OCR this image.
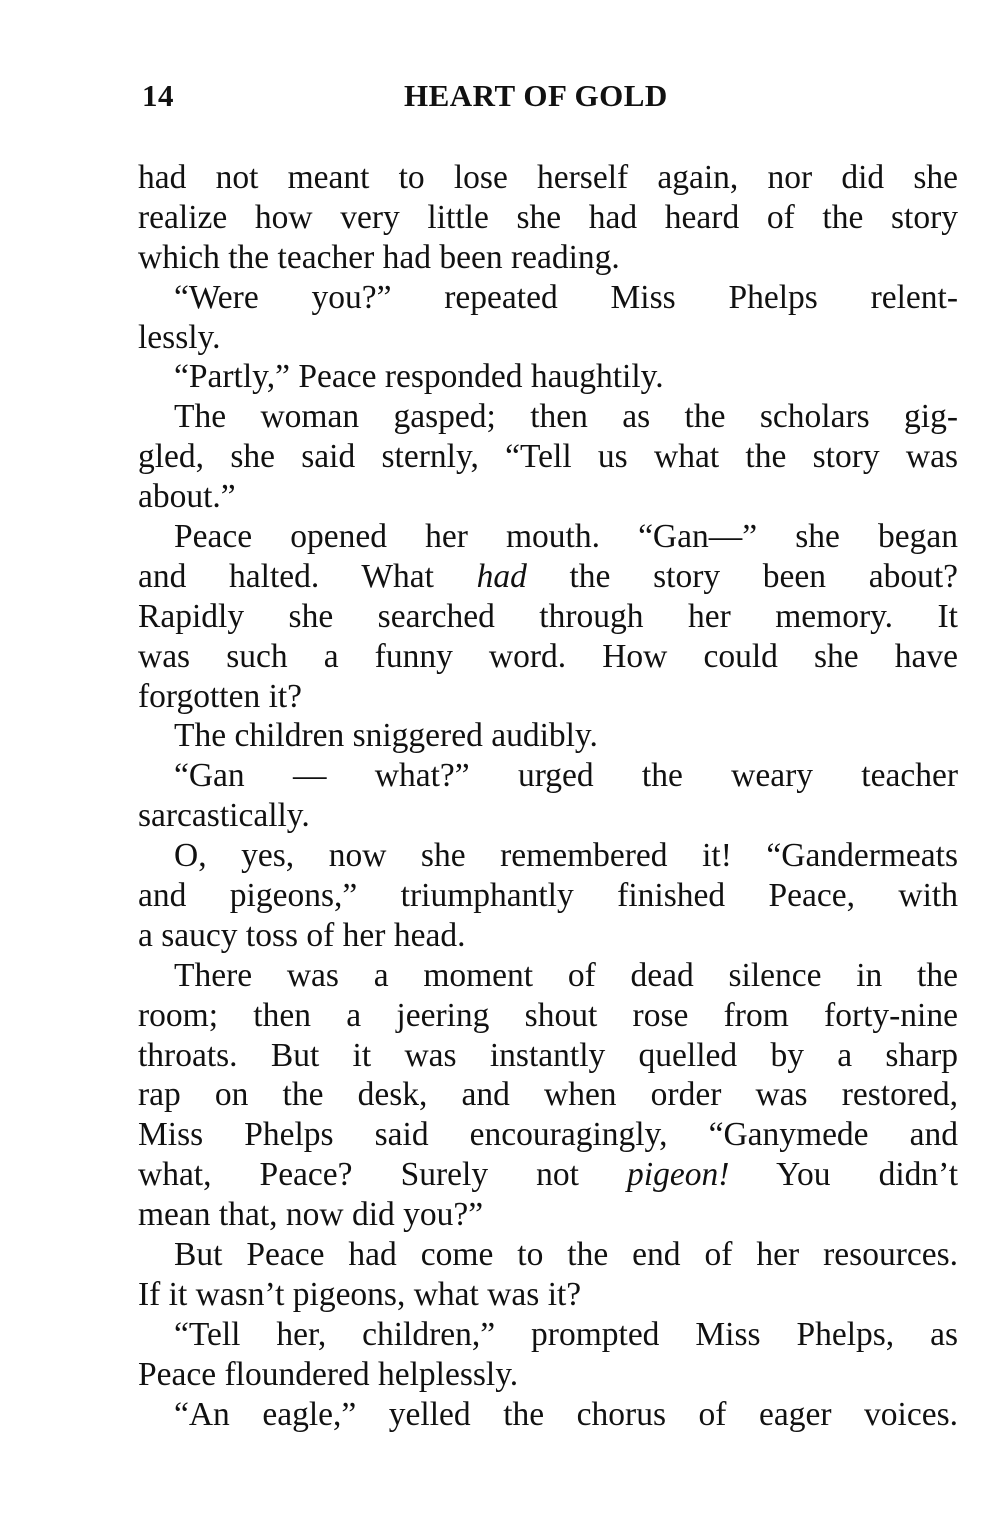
14	HEART OF GOLD
had not meant to lose herself again, nor did she
realize how very little she had heard of the story
which the teacher had been reading.
“Were you?” repeated Miss Phelps relent-
lessly.
“Partly,” Peace responded haughtily.
The woman gasped; then as the scholars gig-
gled, she said sternly, “Tell us what the story was
about.”
Peace opened her mouth. “Gan—” she began
and halted. What had the story been about?
Rapidly she searched through her memory. It
was such a funny word. How could she have
forgotten it?
The children sniggered audibly.
“Gan — what?” urged the weary teacher
sarcastically.
O, yes, now she remembered it! “Gandermeats
and pigeons,” triumphantly finished Peace, with
a saucy toss of her head.
There was a moment of dead silence in the
room; then a jeering shout rose from forty-nine
throats. But it was instantly quelled by a sharp
rap on the desk, and when order was restored,
Miss Phelps said encouragingly, “Ganymede and
what, Peace? Surely not pigeon! You didn’t
mean that, now did you?”
But Peace had come to the end of her resources.
If it wasn’t pigeons, what was it?
“Tell her, children,” prompted Miss Phelps, as
Peace floundered helplessly.
“An eagle,” yelled the chorus of eager voices.
